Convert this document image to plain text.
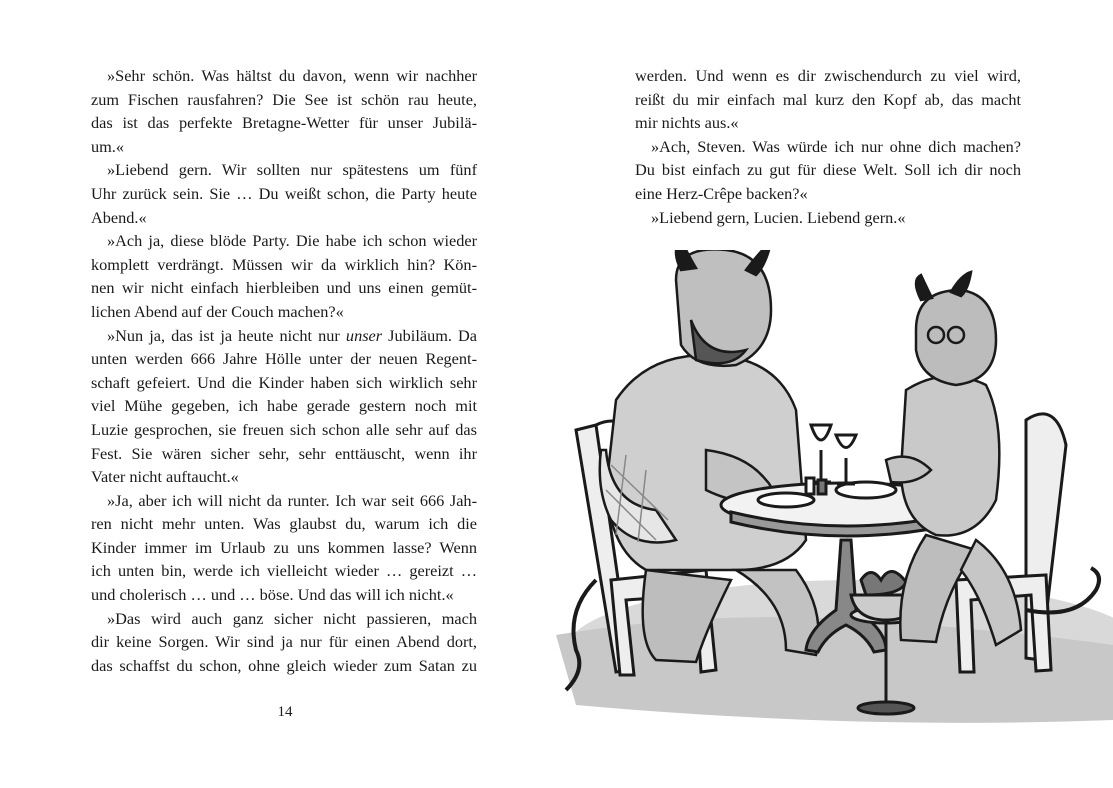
»Sehr schön. Was hältst du davon, wenn wir nachher
zum Fischen rausfahren? Die See ist schön rau heute,
das ist das perfekte Bretagne-Wetter für unser Jubilä-
um.«
»Liebend gern. Wir sollten nur spätestens um fünf
Uhr zurück sein. Sie … Du weißt schon, die Party heute
Abend.«
»Ach ja, diese blöde Party. Die habe ich schon wieder
komplett verdrängt. Müssen wir da wirklich hin? Kön-
nen wir nicht einfach hierbleiben und uns einen gemüt-
lichen Abend auf der Couch machen?«
»Nun ja, das ist ja heute nicht nur unser Jubiläum. Da
unten werden 666 Jahre Hölle unter der neuen Regent-
schaft gefeiert. Und die Kinder haben sich wirklich sehr
viel Mühe gegeben, ich habe gerade gestern noch mit
Luzie gesprochen, sie freuen sich schon alle sehr auf das
Fest. Sie wären sicher sehr, sehr enttäuscht, wenn ihr
Vater nicht auftaucht.«
»Ja, aber ich will nicht da runter. Ich war seit 666 Jah-
ren nicht mehr unten. Was glaubst du, warum ich die
Kinder immer im Urlaub zu uns kommen lasse? Wenn
ich unten bin, werde ich vielleicht wieder … gereizt …
und cholerisch … und … böse. Und das will ich nicht.«
»Das wird auch ganz sicher nicht passieren, mach
dir keine Sorgen. Wir sind ja nur für einen Abend dort,
das schaffst du schon, ohne gleich wieder zum Satan zu
14
werden. Und wenn es dir zwischendurch zu viel wird,
reißt du mir einfach mal kurz den Kopf ab, das macht
mir nichts aus.«
»Ach, Steven. Was würde ich nur ohne dich machen?
Du bist einfach zu gut für diese Welt. Soll ich dir noch
eine Herz-Crêpe backen?«
»Liebend gern, Lucien. Liebend gern.«
